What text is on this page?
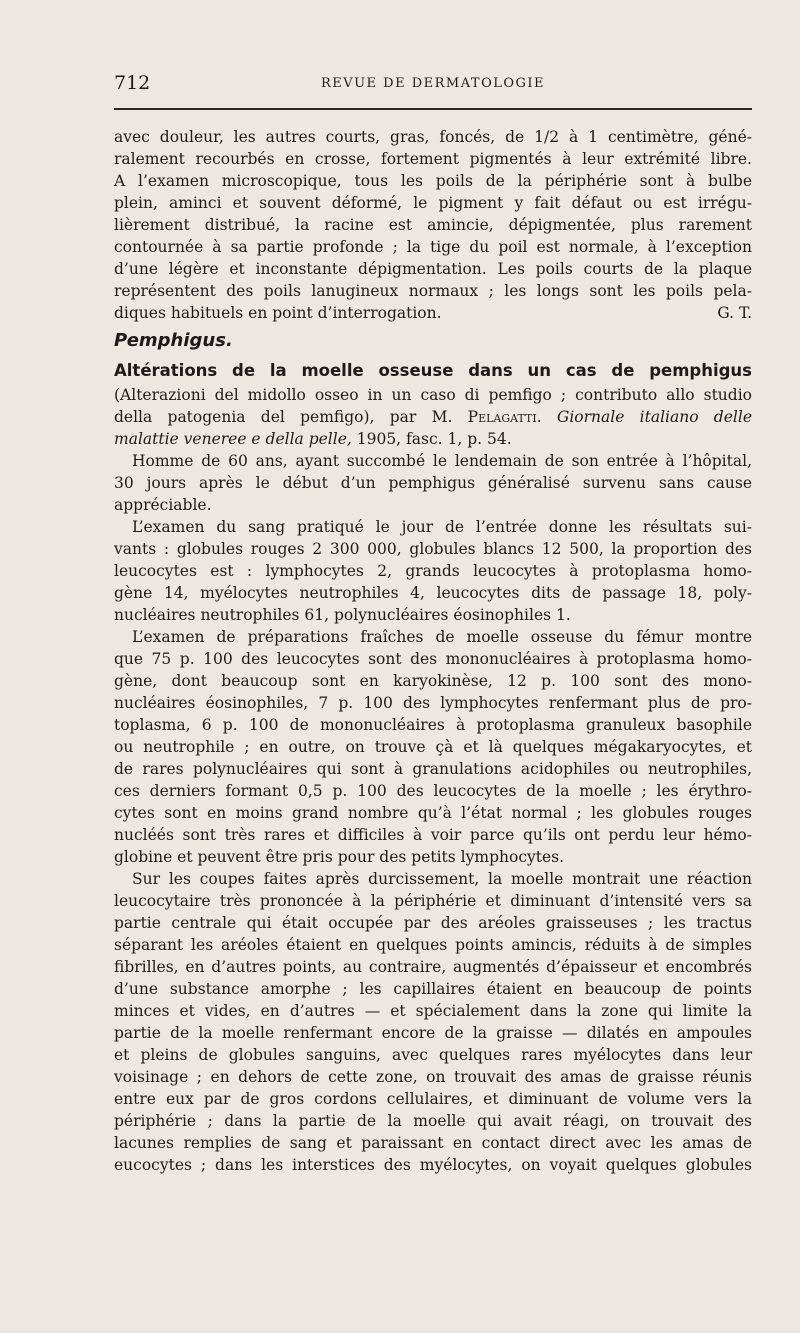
712	REVUE DE DERMATOLOGIE
avec douleur, les autres courts, gras, foncés, de 1/2 à 1 centimètre, géné-
ralement recourbés en crosse, fortement pigmentés à leur extrémité libre.
A l’examen microscopique, tous les poils de la périphérie sont à bulbe
plein, aminci et souvent déformé, le pigment y fait défaut ou est irrégu-
lièrement distribué, la racine est amincie, dépigmentée, plus rarement
contournée à sa partie profonde ; la tige du poil est normale, à l’exception
d’une légère et inconstante dépigmentation. Les poils courts de la plaque
représentent des poils lanugineux normaux ; les longs sont les poils pela-
diques habituels en point d’interrogation.	G. T.
Pemphigus.
Altérations de la moelle osseuse dans un cas de pemphigus
(Alterazioni del midollo osseo in un caso di pemfigo ; contributo allo studio
della patogenia del pemfigo), par M. Pelagatti. Giornale italiano delle
malattie veneree e della pelle, 1905, fasc. 1, p. 54.
Homme de 60 ans, ayant succombé le lendemain de son entrée à l’hôpital,
30 jours après le début d’un pemphigus généralisé survenu sans cause
appréciable.
L’examen du sang pratiqué le jour de l’entrée donne les résultats sui-
vants : globules rouges 2 300 000, globules blancs 12 500, la proportion des
leucocytes est : lymphocytes 2, grands leucocytes à protoplasma homo-
gène 14, myélocytes neutrophiles 4, leucocytes dits de passage 18, poly-
nucléaires neutrophiles 61, polynucléaires éosinophiles 1.
L’examen de préparations fraîches de moelle osseuse du fémur montre
que 75 p. 100 des leucocytes sont des mononucléaires à protoplasma homo-
gène, dont beaucoup sont en karyokinèse, 12 p. 100 sont des mono-
nucléaires éosinophiles, 7 p. 100 des lymphocytes renfermant plus de pro-
toplasma, 6 p. 100 de mononucléaires à protoplasma granuleux basophile
ou neutrophile ; en outre, on trouve çà et là quelques mégakaryocytes, et
de rares polynucléaires qui sont à granulations acidophiles ou neutrophiles,
ces derniers formant 0,5 p. 100 des leucocytes de la moelle ; les érythro-
cytes sont en moins grand nombre qu’à l’état normal ; les globules rouges
nucléés sont très rares et difficiles à voir parce qu’ils ont perdu leur hémo-
globine et peuvent être pris pour des petits lymphocytes.
Sur les coupes faites après durcissement, la moelle montrait une réaction
leucocytaire très prononcée à la périphérie et diminuant d’intensité vers sa
partie centrale qui était occupée par des aréoles graisseuses ; les tractus
séparant les aréoles étaient en quelques points amincis, réduits à de simples
fibrilles, en d’autres points, au contraire, augmentés d’épaisseur et encombrés
d’une substance amorphe ; les capillaires étaient en beaucoup de points
minces et vides, en d’autres — et spécialement dans la zone qui limite la
partie de la moelle renfermant encore de la graisse — dilatés en ampoules
et pleins de globules sanguins, avec quelques rares myélocytes dans leur
voisinage ; en dehors de cette zone, on trouvait des amas de graisse réunis
entre eux par de gros cordons cellulaires, et diminuant de volume vers la
périphérie ; dans la partie de la moelle qui avait réagi, on trouvait des
lacunes remplies de sang et paraissant en contact direct avec les amas de
eucocytes ; dans les interstices des myélocytes, on voyait quelques globules
